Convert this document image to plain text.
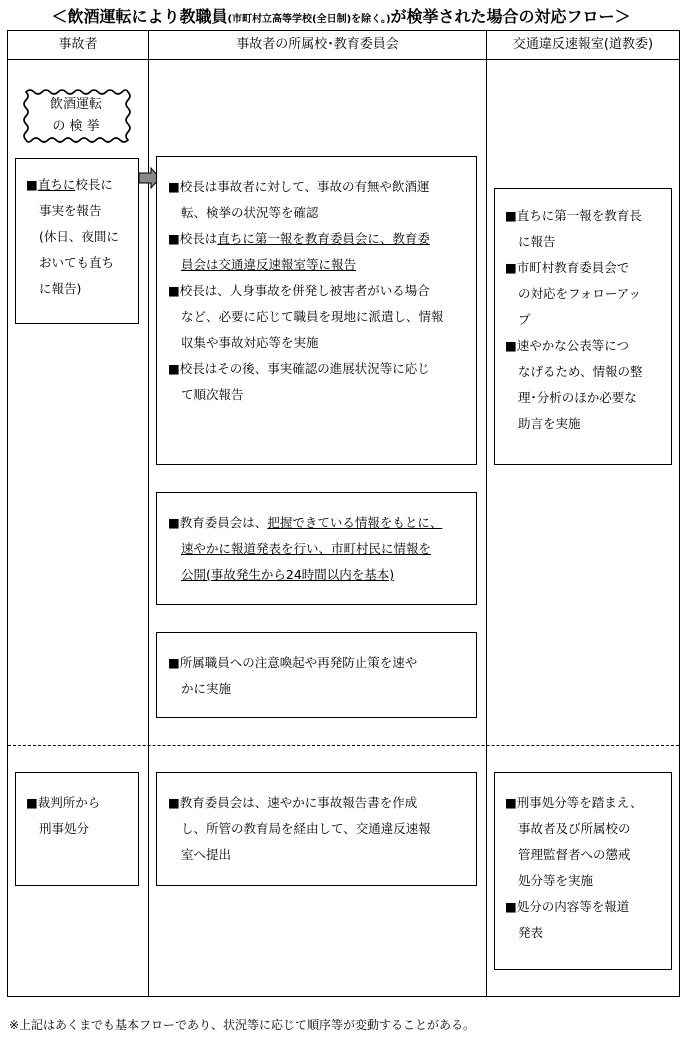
＜飲酒運転により教職員(市町村立高等学校(全日制)を除く。)が検挙された場合の対応フロー＞
事故者	事故者の所属校･教育委員会	交通違反速報室(道教委)
飲酒運転
の 検 挙
■直ちに校長に
事実を報告
(休日、夜間に
おいても直ち
に報告)
■校長は事故者に対して、事故の有無や飲酒運
転、検挙の状況等を確認
■校長は直ちに第一報を教育委員会に、教育委
員会は交通違反速報室等に報告
■校長は、人身事故を併発し被害者がいる場合
など、必要に応じて職員を現地に派遣し、情報
収集や事故対応等を実施
■校長はその後、事実確認の進展状況等に応じ
て順次報告
■教育委員会は、把握できている情報をもとに、
速やかに報道発表を行い、市町村民に情報を
公開(事故発生から24時間以内を基本)
■所属職員への注意喚起や再発防止策を速や
かに実施
■直ちに第一報を教育長
に報告
■市町村教育委員会で
の対応をフォローアッ
プ
■速やかな公表等につ
なげるため、情報の整
理･分析のほか必要な
助言を実施
■裁判所から
刑事処分
■教育委員会は、速やかに事故報告書を作成
し、所管の教育局を経由して、交通違反速報
室へ提出
■刑事処分等を踏まえ、
事故者及び所属校の
管理監督者への懲戒
処分等を実施
■処分の内容等を報道
発表
※上記はあくまでも基本フローであり、状況等に応じて順序等が変動することがある。
